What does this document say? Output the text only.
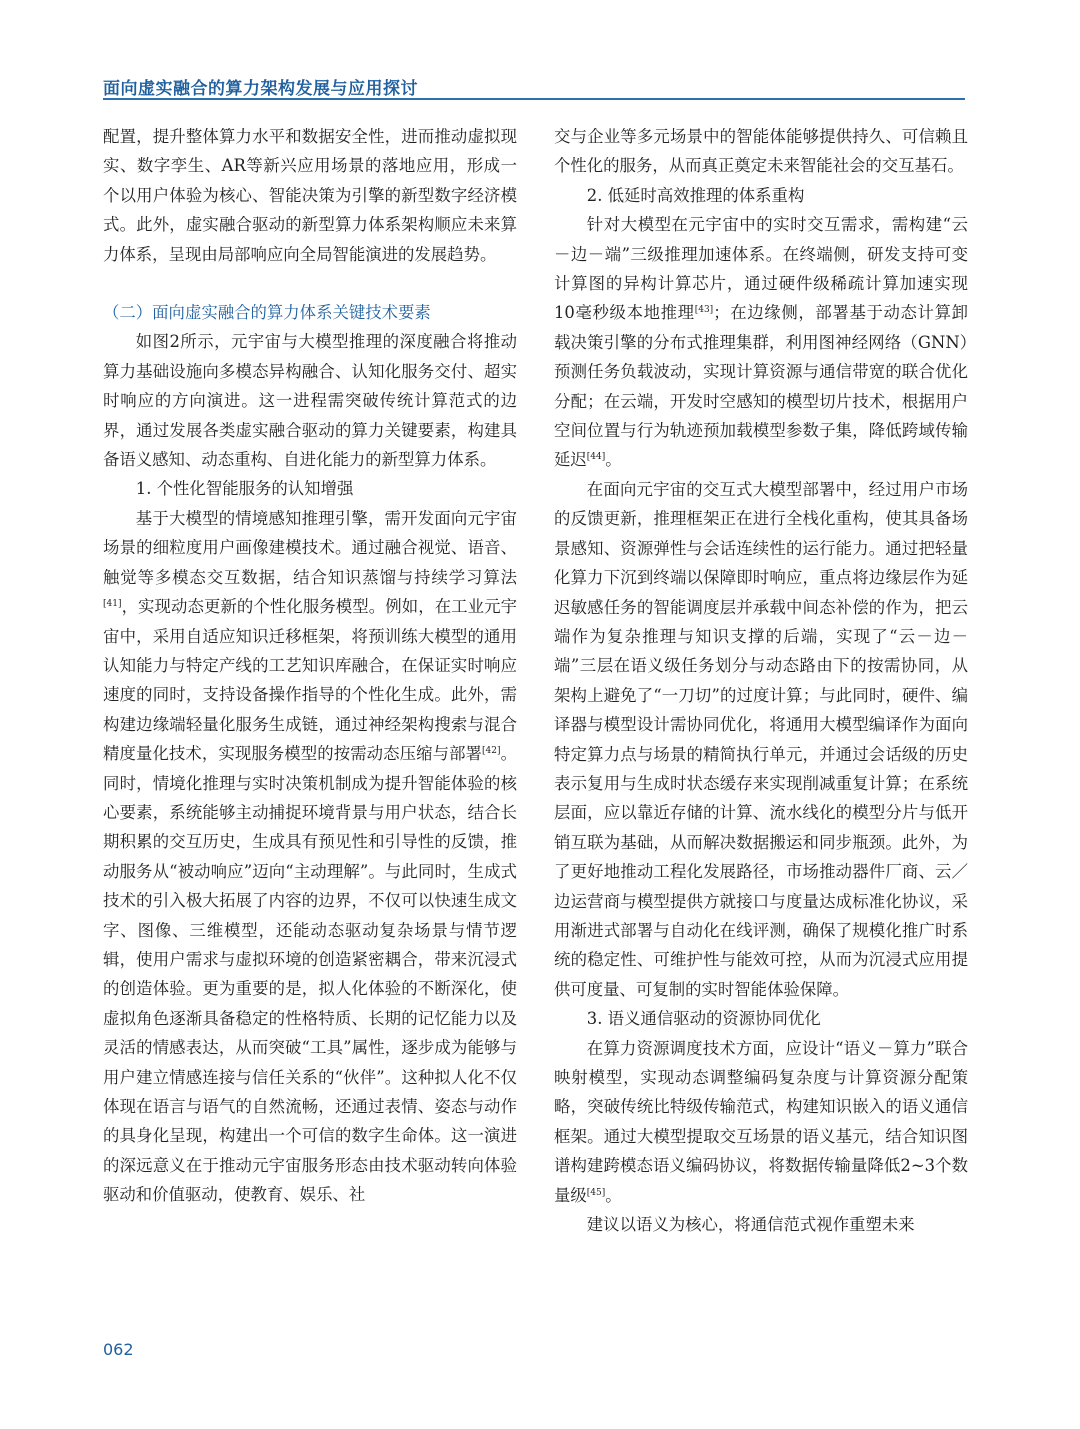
面向虚实融合的算力架构发展与应用探讨

配置，提升整体算力水平和数据安全性，进而推动虚拟现实、数字孪生、AR等新兴应用场景的落地应用，形成一个以用户体验为核心、智能决策为引擎的新型数字经济模式。此外，虚实融合驱动的新型算力体系架构顺应未来算力体系，呈现由局部响应向全局智能演进的发展趋势。

（二）面向虚实融合的算力体系关键技术要素

如图2所示，元宇宙与大模型推理的深度融合将推动算力基础设施向多模态异构融合、认知化服务交付、超实时响应的方向演进。这一进程需突破传统计算范式的边界，通过发展各类虚实融合驱动的算力关键要素，构建具备语义感知、动态重构、自进化能力的新型算力体系。

1. 个性化智能服务的认知增强

基于大模型的情境感知推理引擎，需开发面向元宇宙场景的细粒度用户画像建模技术。通过融合视觉、语音、触觉等多模态交互数据，结合知识蒸馏与持续学习算法[41]，实现动态更新的个性化服务模型。例如，在工业元宇宙中，采用自适应知识迁移框架，将预训练大模型的通用认知能力与特定产线的工艺知识库融合，在保证实时响应速度的同时，支持设备操作指导的个性化生成。此外，需构建边缘端轻量化服务生成链，通过神经架构搜索与混合精度量化技术，实现服务模型的按需动态压缩与部署[42]。同时，情境化推理与实时决策机制成为提升智能体验的核心要素，系统能够主动捕捉环境背景与用户状态，结合长期积累的交互历史，生成具有预见性和引导性的反馈，推动服务从“被动响应”迈向“主动理解”。与此同时，生成式技术的引入极大拓展了内容的边界，不仅可以快速生成文字、图像、三维模型，还能动态驱动复杂场景与情节逻辑，使用户需求与虚拟环境的创造紧密耦合，带来沉浸式的创造体验。更为重要的是，拟人化体验的不断深化，使虚拟角色逐渐具备稳定的性格特质、长期的记忆能力以及灵活的情感表达，从而突破“工具”属性，逐步成为能够与用户建立情感连接与信任关系的“伙伴”。这种拟人化不仅体现在语言与语气的自然流畅，还通过表情、姿态与动作的具身化呈现，构建出一个可信的数字生命体。这一演进的深远意义在于推动元宇宙服务形态由技术驱动转向体验驱动和价值驱动，使教育、娱乐、社

交与企业等多元场景中的智能体能够提供持久、可信赖且个性化的服务，从而真正奠定未来智能社会的交互基石。

2. 低延时高效推理的体系重构

针对大模型在元宇宙中的实时交互需求，需构建“云－边－端”三级推理加速体系。在终端侧，研发支持可变计算图的异构计算芯片，通过硬件级稀疏计算加速实现10毫秒级本地推理[43]；在边缘侧，部署基于动态计算卸载决策引擎的分布式推理集群，利用图神经网络（GNN）预测任务负载波动，实现计算资源与通信带宽的联合优化分配；在云端，开发时空感知的模型切片技术，根据用户空间位置与行为轨迹预加载模型参数子集，降低跨域传输延迟[44]。

在面向元宇宙的交互式大模型部署中，经过用户市场的反馈更新，推理框架正在进行全栈化重构，使其具备场景感知、资源弹性与会话连续性的运行能力。通过把轻量化算力下沉到终端以保障即时响应，重点将边缘层作为延迟敏感任务的智能调度层并承载中间态补偿的作为，把云端作为复杂推理与知识支撑的后端，实现了“云－边－端”三层在语义级任务划分与动态路由下的按需协同，从架构上避免了“一刀切”的过度计算；与此同时，硬件、编译器与模型设计需协同优化，将通用大模型编译作为面向特定算力点与场景的精简执行单元，并通过会话级的历史表示复用与生成时状态缓存来实现削减重复计算；在系统层面，应以靠近存储的计算、流水线化的模型分片与低开销互联为基础，从而解决数据搬运和同步瓶颈。此外，为了更好地推动工程化发展路径，市场推动器件厂商、云／边运营商与模型提供方就接口与度量达成标准化协议，采用渐进式部署与自动化在线评测，确保了规模化推广时系统的稳定性、可维护性与能效可控，从而为沉浸式应用提供可度量、可复制的实时智能体验保障。

3. 语义通信驱动的资源协同优化

在算力资源调度技术方面，应设计“语义－算力”联合映射模型，实现动态调整编码复杂度与计算资源分配策略，突破传统比特级传输范式，构建知识嵌入的语义通信框架。通过大模型提取交互场景的语义基元，结合知识图谱构建跨模态语义编码协议，将数据传输量降低2~3个数量级[45]。

建议以语义为核心，将通信范式视作重塑未来

062
